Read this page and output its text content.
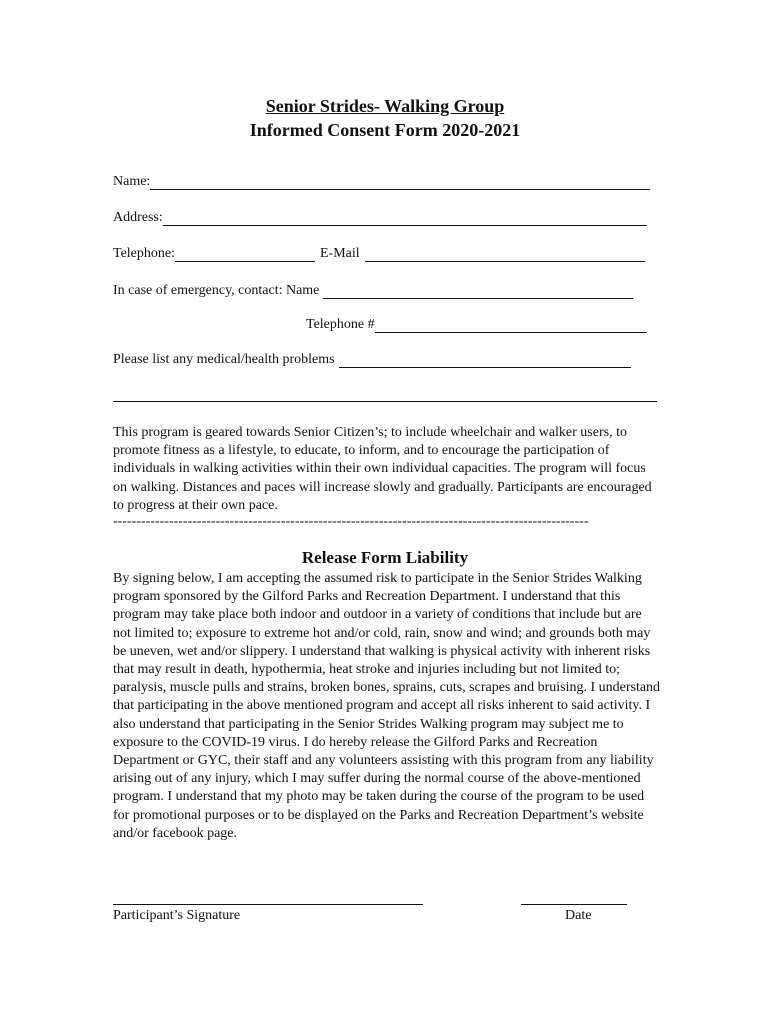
Senior Strides- Walking Group
Informed Consent Form 2020-2021
Name:
Address:
Telephone:	E-Mail
In case of emergency, contact: Name
Telephone #
Please list any medical/health problems
This program is geared towards Senior Citizen’s; to include wheelchair and walker users, to promote fitness as a lifestyle, to educate, to inform, and to encourage the participation of individuals in walking activities within their own individual capacities. The program will focus on walking. Distances and paces will increase slowly and gradually. Participants are encouraged to progress at their own pace.
------------------------------------------------------------------------------------------------------
Release Form Liability
By signing below, I am accepting the assumed risk to participate in the Senior Strides Walking program sponsored by the Gilford Parks and Recreation Department. I understand that this program may take place both indoor and outdoor in a variety of conditions that include but are not limited to; exposure to extreme hot and/or cold, rain, snow and wind; and grounds both may be uneven, wet and/or slippery. I understand that walking is physical activity with inherent risks that may result in death, hypothermia, heat stroke and injuries including but not limited to; paralysis, muscle pulls and strains, broken bones, sprains, cuts, scrapes and bruising. I understand that participating in the above mentioned program and accept all risks inherent to said activity. I also understand that participating in the Senior Strides Walking program may subject me to exposure to the COVID-19 virus. I do hereby release the Gilford Parks and Recreation Department or GYC, their staff and any volunteers assisting with this program from any liability arising out of any injury, which I may suffer during the normal course of the above-mentioned program. I understand that my photo may be taken during the course of the program to be used for promotional purposes or to be displayed on the Parks and Recreation Department’s website and/or facebook page.
Participant’s Signature	Date
